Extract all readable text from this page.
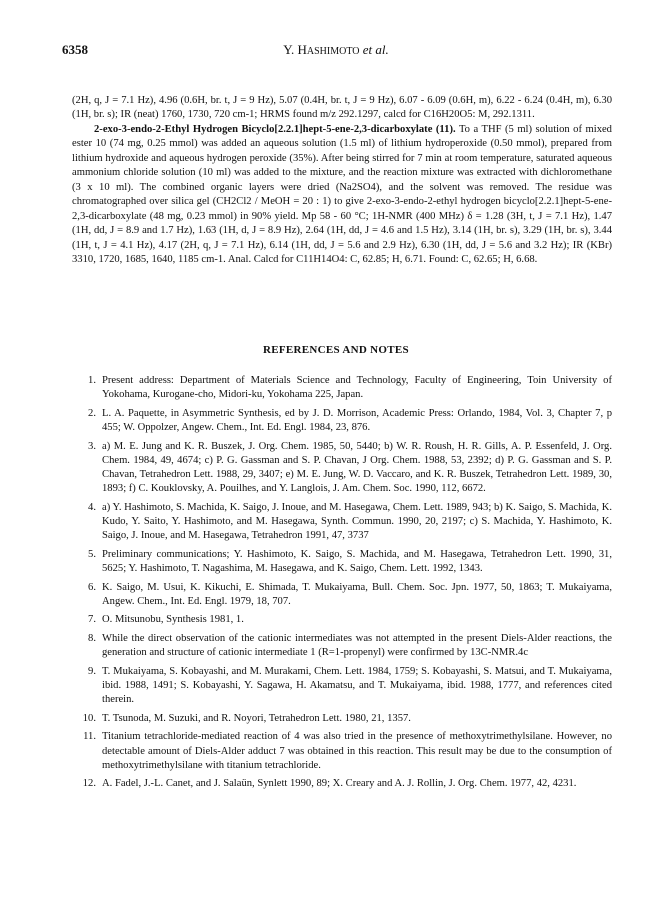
6358	Y. HASHIMOTO et al.

(2H, q, J = 7.1 Hz), 4.96 (0.6H, br. t, J = 9 Hz), 5.07 (0.4H, br. t, J = 9 Hz), 6.07 - 6.09 (0.6H, m), 6.22 - 6.24 (0.4H, m), 6.30 (1H, br. s); IR (neat) 1760, 1730, 720 cm-1; HRMS found m/z 292.1297, calcd for C16H20O5: M, 292.1311.

2-exo-3-endo-2-Ethyl Hydrogen Bicyclo[2.2.1]hept-5-ene-2,3-dicarboxylate (11). To a THF (5 ml) solution of mixed ester 10 (74 mg, 0.25 mmol) was added an aqueous solution (1.5 ml) of lithium hydroperoxide (0.50 mmol), prepared from lithium hydroxide and aqueous hydrogen peroxide (35%). After being stirred for 7 min at room temperature, saturated aqueous ammonium chloride solution (10 ml) was added to the mixture, and the reaction mixture was extracted with dichloromethane (3 x 10 ml). The combined organic layers were dried (Na2SO4), and the solvent was removed. The residue was chromatographed over silica gel (CH2Cl2 / MeOH = 20 : 1) to give 2-exo-3-endo-2-ethyl hydrogen bicyclo[2.2.1]hept-5-ene-2,3-dicarboxylate (48 mg, 0.23 mmol) in 90% yield. Mp 58 - 60 °C; 1H-NMR (400 MHz) δ = 1.28 (3H, t, J = 7.1 Hz), 1.47 (1H, dd, J = 8.9 and 1.7 Hz), 1.63 (1H, d, J = 8.9 Hz), 2.64 (1H, dd, J = 4.6 and 1.5 Hz), 3.14 (1H, br. s), 3.29 (1H, br. s), 3.44 (1H, t, J = 4.1 Hz), 4.17 (2H, q, J = 7.1 Hz), 6.14 (1H, dd, J = 5.6 and 2.9 Hz), 6.30 (1H, dd, J = 5.6 and 3.2 Hz); IR (KBr) 3310, 1720, 1685, 1640, 1185 cm-1. Anal. Calcd for C11H14O4: C, 62.85; H, 6.71. Found: C, 62.65; H, 6.68.

REFERENCES AND NOTES
1. Present address: Department of Materials Science and Technology, Faculty of Engineering, Toin University of Yokohama, Kurogane-cho, Midori-ku, Yokohama 225, Japan.
2. L. A. Paquette, in Asymmetric Synthesis, ed by J. D. Morrison, Academic Press: Orlando, 1984, Vol. 3, Chapter 7, p 455; W. Oppolzer, Angew. Chem., Int. Ed. Engl. 1984, 23, 876.
3. a) M. E. Jung and K. R. Buszek, J. Org. Chem. 1985, 50, 5440; b) W. R. Roush, H. R. Gills, A. P. Essenfeld, J. Org. Chem. 1984, 49, 4674; c) P. G. Gassman and S. P. Chavan, J Org. Chem. 1988, 53, 2392; d) P. G. Gassman and S. P. Chavan, Tetrahedron Lett. 1988, 29, 3407; e) M. E. Jung, W. D. Vaccaro, and K. R. Buszek, Tetrahedron Lett. 1989, 30, 1893; f) C. Kouklovsky, A. Pouilhes, and Y. Langlois, J. Am. Chem. Soc. 1990, 112, 6672.
4. a) Y. Hashimoto, S. Machida, K. Saigo, J. Inoue, and M. Hasegawa, Chem. Lett. 1989, 943; b) K. Saigo, S. Machida, K. Kudo, Y. Saito, Y. Hashimoto, and M. Hasegawa, Synth. Commun. 1990, 20, 2197; c) S. Machida, Y. Hashimoto, K. Saigo, J. Inoue, and M. Hasegawa, Tetrahedron 1991, 47, 3737
5. Preliminary communications; Y. Hashimoto, K. Saigo, S. Machida, and M. Hasegawa, Tetrahedron Lett. 1990, 31, 5625; Y. Hashimoto, T. Nagashima, M. Hasegawa, and K. Saigo, Chem. Lett. 1992, 1343.
6. K. Saigo, M. Usui, K. Kikuchi, E. Shimada, T. Mukaiyama, Bull. Chem. Soc. Jpn. 1977, 50, 1863; T. Mukaiyama, Angew. Chem., Int. Ed. Engl. 1979, 18, 707.
7. O. Mitsunobu, Synthesis 1981, 1.
8. While the direct observation of the cationic intermediates was not attempted in the present Diels-Alder reactions, the generation and structure of cationic intermediate 1 (R=1-propenyl) were confirmed by 13C-NMR.4c
9. T. Mukaiyama, S. Kobayashi, and M. Murakami, Chem. Lett. 1984, 1759; S. Kobayashi, S. Matsui, and T. Mukaiyama, ibid. 1988, 1491; S. Kobayashi, Y. Sagawa, H. Akamatsu, and T. Mukaiyama, ibid. 1988, 1777, and references cited therein.
10. T. Tsunoda, M. Suzuki, and R. Noyori, Tetrahedron Lett. 1980, 21, 1357.
11. Titanium tetrachloride-mediated reaction of 4 was also tried in the presence of methoxytrimethylsilane. However, no detectable amount of Diels-Alder adduct 7 was obtained in this reaction. This result may be due to the consumption of methoxytrimethylsilane with titanium tetrachloride.
12. A. Fadel, J.-L. Canet, and J. Salaün, Synlett 1990, 89; X. Creary and A. J. Rollin, J. Org. Chem. 1977, 42, 4231.
